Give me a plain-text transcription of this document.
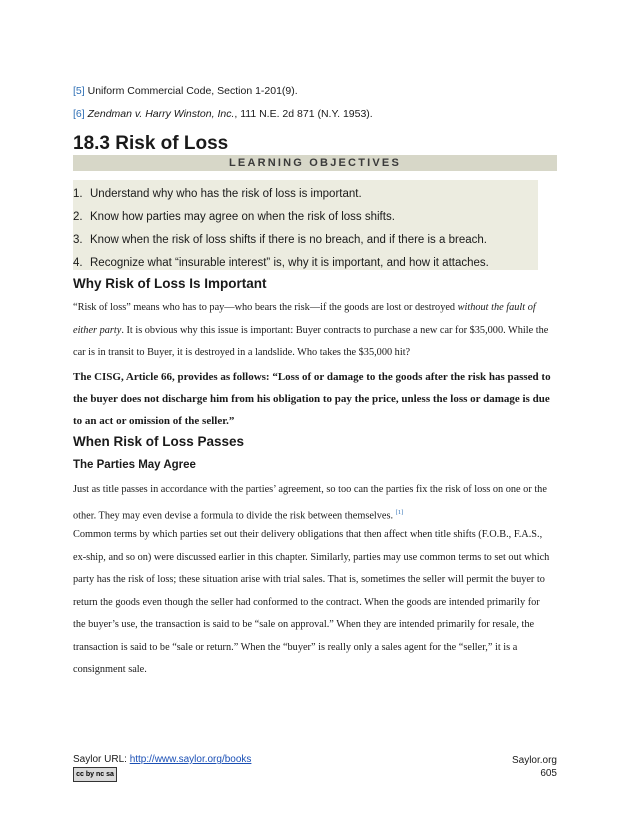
[5] Uniform Commercial Code, Section 1-201(9).
[6] Zendman v. Harry Winston, Inc., 111 N.E. 2d 871 (N.Y. 1953).
18.3 Risk of Loss
LEARNING OBJECTIVES
1. Understand why who has the risk of loss is important.
2. Know how parties may agree on when the risk of loss shifts.
3. Know when the risk of loss shifts if there is no breach, and if there is a breach.
4. Recognize what “insurable interest” is, why it is important, and how it attaches.
Why Risk of Loss Is Important
“Risk of loss” means who has to pay—who bears the risk—if the goods are lost or destroyed without the fault of either party. It is obvious why this issue is important: Buyer contracts to purchase a new car for $35,000. While the car is in transit to Buyer, it is destroyed in a landslide. Who takes the $35,000 hit?
The CISG, Article 66, provides as follows: “Loss of or damage to the goods after the risk has passed to the buyer does not discharge him from his obligation to pay the price, unless the loss or damage is due to an act or omission of the seller.”
When Risk of Loss Passes
The Parties May Agree
Just as title passes in accordance with the parties’ agreement, so too can the parties fix the risk of loss on one or the other. They may even devise a formula to divide the risk between themselves. [1]
Common terms by which parties set out their delivery obligations that then affect when title shifts (F.O.B., F.A.S., ex-ship, and so on) were discussed earlier in this chapter. Similarly, parties may use common terms to set out which party has the risk of loss; these situation arise with trial sales. That is, sometimes the seller will permit the buyer to return the goods even though the seller had conformed to the contract. When the goods are intended primarily for the buyer’s use, the transaction is said to be “sale on approval.” When they are intended primarily for resale, the transaction is said to be “sale or return.” When the “buyer” is really only a sales agent for the “seller,” it is a consignment sale.
Saylor URL: http://www.saylor.org/books
cc by nc sa
Saylor.org
605
